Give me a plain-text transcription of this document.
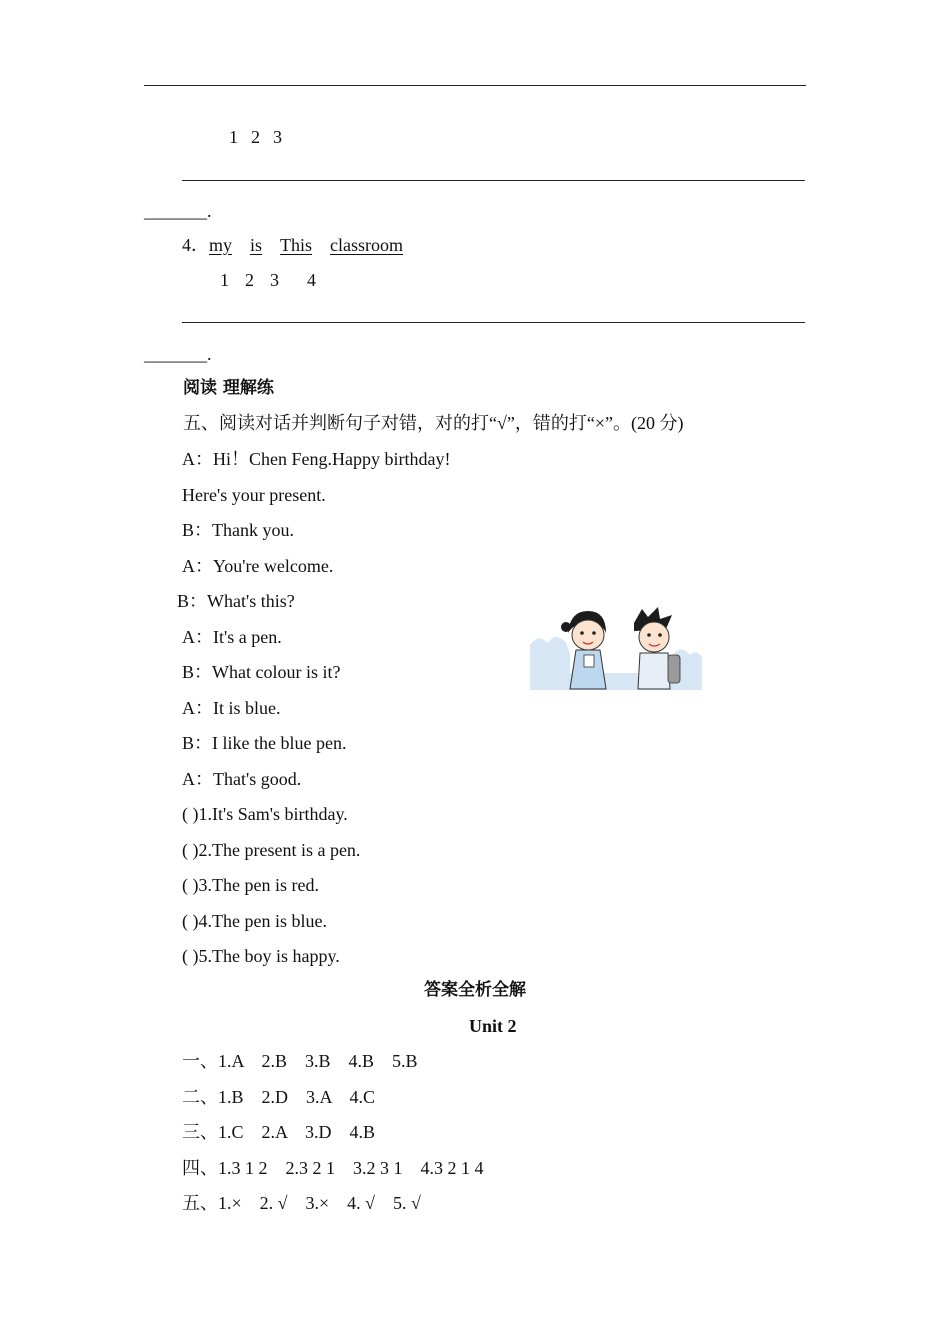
1 2 3
_______.
4．my is This classroom
1 2 3 4
_______.
阅读 理解练
五、阅读对话并判断句子对错，对的打“√”，错的打“×”。(20 分)
A：Hi！Chen Feng.Happy birthday!
Here's your present.
B：Thank you.
A：You're welcome.
B：What's this?
A：It's a pen.
B：What colour is it?
A：It is blue.
B：I like the blue pen.
A：That's good.
( )1.It's Sam's birthday.
( )2.The present is a pen.
( )3.The pen is red.
( )4.The pen is blue.
( )5.The boy is happy.
答案全析全解
Unit 2
一、1.A    2.B    3.B    4.B    5.B
二、1.B    2.D    3.A    4.C
三、1.C    2.A    3.D    4.B
四、1.3 1 2    2.3 2 1    3.2 3 1    4.3 2 1 4
五、1.×    2. √    3.×    4. √    5. √
